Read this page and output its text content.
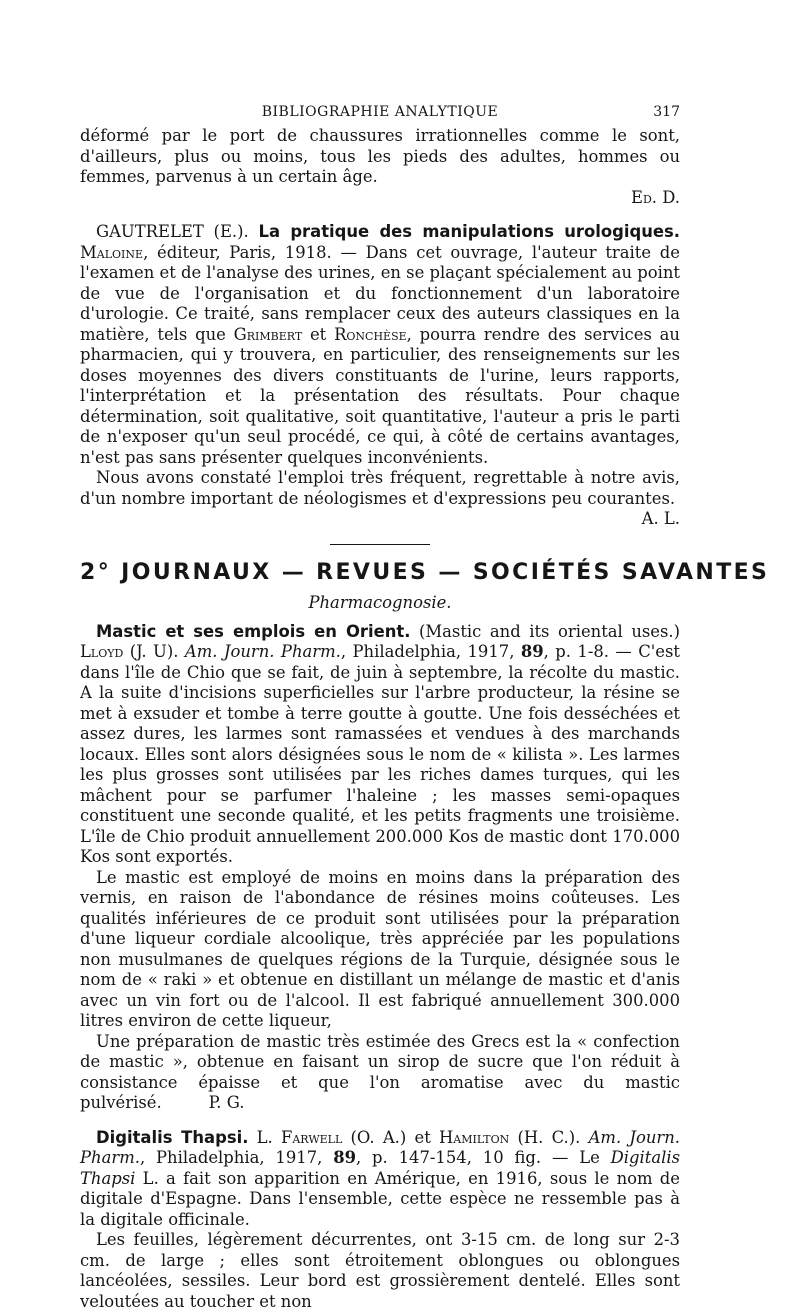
BIBLIOGRAPHIE ANALYTIQUE	317

déformé par le port de chaussures irrationnelles comme le sont, d'ailleurs, plus ou moins, tous les pieds des adultes, hommes ou femmes, parvenus à un certain âge.

Ed. D.

GAUTRELET (E.). La pratique des manipulations urologiques. Maloine, éditeur, Paris, 1918. — Dans cet ouvrage, l'auteur traite de l'examen et de l'analyse des urines, en se plaçant spécialement au point de vue de l'organisation et du fonctionnement d'un laboratoire d'urologie. Ce traité, sans remplacer ceux des auteurs classiques en la matière, tels que Grimbert et Ronchèse, pourra rendre des services au pharmacien, qui y trouvera, en particulier, des renseignements sur les doses moyennes des divers constituants de l'urine, leurs rapports, l'interprétation et la présentation des résultats. Pour chaque détermination, soit qualitative, soit quantitative, l'auteur a pris le parti de n'exposer qu'un seul procédé, ce qui, à côté de certains avantages, n'est pas sans présenter quelques inconvénients.

Nous avons constaté l'emploi très fréquent, regrettable à notre avis, d'un nombre important de néologismes et d'expressions peu courantes.

A. L.

2° JOURNAUX — REVUES — SOCIÉTÉS SAVANTES
Pharmacognosie.

Mastic et ses emplois en Orient. (Mastic and its oriental uses.) Lloyd (J. U). Am. Journ. Pharm., Philadelphia, 1917, 89, p. 1-8. — C'est dans l'île de Chio que se fait, de juin à septembre, la récolte du mastic. A la suite d'incisions superficielles sur l'arbre producteur, la résine se met à exsuder et tombe à terre goutte à goutte. Une fois desséchées et assez dures, les larmes sont ramassées et vendues à des marchands locaux. Elles sont alors désignées sous le nom de « kilista ». Les larmes les plus grosses sont utilisées par les riches dames turques, qui les mâchent pour se parfumer l'haleine ; les masses semi-opaques constituent une seconde qualité, et les petits fragments une troisième. L'île de Chio produit annuellement 200.000 Kos de mastic dont 170.000 Kos sont exportés.

Le mastic est employé de moins en moins dans la préparation des vernis, en raison de l'abondance de résines moins coûteuses. Les qualités inférieures de ce produit sont utilisées pour la préparation d'une liqueur cordiale alcoolique, très appréciée par les populations non musulmanes de quelques régions de la Turquie, désignée sous le nom de « raki » et obtenue en distillant un mélange de mastic et d'anis avec un vin fort ou de l'alcool. Il est fabriqué annuellement 300.000 litres environ de cette liqueur,

Une préparation de mastic très estimée des Grecs est la « confection de mastic », obtenue en faisant un sirop de sucre que l'on réduit à consistance épaisse et que l'on aromatise avec du mastic pulvérisé.	P. G.

Digitalis Thapsi. L. Farwell (O. A.) et Hamilton (H. C.). Am. Journ. Pharm., Philadelphia, 1917, 89, p. 147-154, 10 fig. — Le Digitalis Thapsi L. a fait son apparition en Amérique, en 1916, sous le nom de digitale d'Espagne. Dans l'ensemble, cette espèce ne ressemble pas à la digitale officinale.

Les feuilles, légèrement décurrentes, ont 3-15 cm. de long sur 2-3 cm. de large ; elles sont étroitement oblongues ou oblongues lancéolées, sessiles. Leur bord est grossièrement dentelé. Elles sont veloutées au toucher et non
